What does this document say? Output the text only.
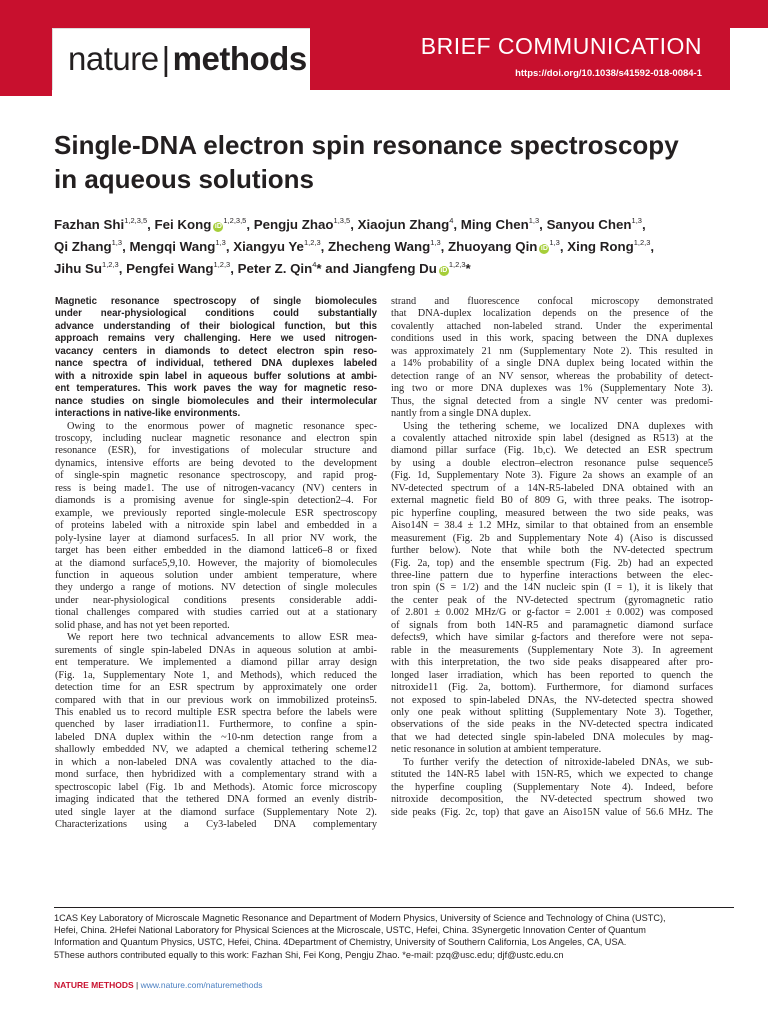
nature|methods	BRIEF COMMUNICATION
https://doi.org/10.1038/s41592-018-0084-1
Single-DNA electron spin resonance spectroscopy
in aqueous solutions
Fazhan Shi$^{1,2,3,5}$, Fei Kong iD$^{1,2,3,5}$, Pengju Zhao$^{1,3,5}$, Xiaojun Zhang$^4$, Ming Chen$^{1,3}$, Sanyou Chen$^{1,3}$,
Qi Zhang$^{1,3}$, Mengqi Wang$^{1,3}$, Xiangyu Ye$^{1,2,3}$, Zhecheng Wang$^{1,3}$, Zhuoyang Qin iD$^{1,3}$, Xing Rong$^{1,2,3}$,
Jihu Su$^{1,2,3}$, Pengfei Wang$^{1,2,3}$, Peter Z. Qin$^4$* and Jiangfeng Du iD$^{1,2,3}$*
Magnetic resonance spectroscopy of single biomolecules
under near-physiological conditions could substantially
advance understanding of their biological function, but this
approach remains very challenging. Here we used nitrogen-
vacancy centers in diamonds to detect electron spin reso-
nance spectra of individual, tethered DNA duplexes labeled
with a nitroxide spin label in aqueous buffer solutions at ambi-
ent temperatures. This work paves the way for magnetic reso-
nance studies on single biomolecules and their intermolecular
interactions in native-like environments.
Owing to the enormous power of magnetic resonance spec-
troscopy, including nuclear magnetic resonance and electron spin
resonance (ESR), for investigations of molecular structure and
dynamics, intensive efforts are being devoted to the development
of single-spin magnetic resonance spectroscopy, and rapid prog-
ress is being made1. The use of nitrogen-vacancy (NV) centers in
diamonds is a promising avenue for single-spin detection2–4. For
example, we previously reported single-molecule ESR spectroscopy
of proteins labeled with a nitroxide spin label and embedded in a
poly-lysine layer at diamond surfaces5. In all prior NV work, the
target has been either embedded in the diamond lattice6–8 or fixed
at the diamond surface5,9,10. However, the majority of biomolecules
function in aqueous solution under ambient temperature, where
they undergo a range of motions. NV detection of single molecules
under near-physiological conditions presents considerable addi-
tional challenges compared with studies carried out at a stationary
solid phase, and has not yet been reported.
We report here two technical advancements to allow ESR mea-
surements of single spin-labeled DNAs in aqueous solution at ambi-
ent temperature. We implemented a diamond pillar array design
(Fig. 1a, Supplementary Note 1, and Methods), which reduced the
detection time for an ESR spectrum by approximately one order
compared with that in our previous work on immobilized proteins5.
This enabled us to record multiple ESR spectra before the labels were
quenched by laser irradiation11. Furthermore, to confine a spin-
labeled DNA duplex within the ~10-nm detection range from a
shallowly embedded NV, we adapted a chemical tethering scheme12
in which a non-labeled DNA was covalently attached to the dia-
mond surface, then hybridized with a complementary strand with a
spectroscopic label (Fig. 1b and Methods). Atomic force microscopy
imaging indicated that the tethered DNA formed an evenly distrib-
uted single layer at the diamond surface (Supplementary Note 2).
Characterizations using a Cy3-labeled DNA complementary
strand and fluorescence confocal microscopy demonstrated
that DNA-duplex localization depends on the presence of the
covalently attached non-labeled strand. Under the experimental
conditions used in this work, spacing between the DNA duplexes
was approximately 21 nm (Supplementary Note 2). This resulted in
a 14% probability of a single DNA duplex being located within the
detection range of an NV sensor, whereas the probability of detect-
ing two or more DNA duplexes was 1% (Supplementary Note 3).
Thus, the signal detected from a single NV center was predomi-
nantly from a single DNA duplex.
Using the tethering scheme, we localized DNA duplexes with
a covalently attached nitroxide spin label (designed as R513) at the
diamond pillar surface (Fig. 1b,c). We detected an ESR spectrum
by using a double electron–electron resonance pulse sequence5
(Fig. 1d, Supplementary Note 3). Figure 2a shows an example of an
NV-detected spectrum of a 14N-R5-labeled DNA obtained with an
external magnetic field B0 of 809 G, with three peaks. The isotrop-
pic hyperfine coupling, measured between the two side peaks, was
Aiso14N = 38.4 ± 1.2 MHz, similar to that obtained from an ensemble
measurement (Fig. 2b and Supplementary Note 4) (Aiso is discussed
further below). Note that while both the NV-detected spectrum
(Fig. 2a, top) and the ensemble spectrum (Fig. 2b) had an expected
three-line pattern due to hyperfine interactions between the elec-
tron spin (S = 1/2) and the 14N nucleic spin (I = 1), it is likely that
the center peak of the NV-detected spectrum (gyromagnetic ratio
of 2.801 ± 0.002 MHz/G or g-factor = 2.001 ± 0.002) was composed
of signals from both 14N-R5 and paramagnetic diamond surface
defects9, which have similar g-factors and therefore were not sepa-
rable in the measurements (Supplementary Note 3). In agreement
with this interpretation, the two side peaks disappeared after pro-
longed laser irradiation, which has been reported to quench the
nitroxide11 (Fig. 2a, bottom). Furthermore, for diamond surfaces
not exposed to spin-labeled DNAs, the NV-detected spectra showed
only one peak without splitting (Supplementary Note 3). Together,
observations of the side peaks in the NV-detected spectra indicated
that we had detected single spin-labeled DNA molecules by mag-
netic resonance in solution at ambient temperature.
To further verify the detection of nitroxide-labeled DNAs, we sub-
stituted the 14N-R5 label with 15N-R5, which we expected to change
the hyperfine coupling (Supplementary Note 4). Indeed, before
nitroxide decomposition, the NV-detected spectrum showed two
side peaks (Fig. 2c, top) that gave an Aiso15N value of 56.6 MHz. The
1CAS Key Laboratory of Microscale Magnetic Resonance and Department of Modern Physics, University of Science and Technology of China (USTC),
Hefei, China. 2Hefei National Laboratory for Physical Sciences at the Microscale, USTC, Hefei, China. 3Synergetic Innovation Center of Quantum
Information and Quantum Physics, USTC, Hefei, China. 4Department of Chemistry, University of Southern California, Los Angeles, CA, USA.
5These authors contributed equally to this work: Fazhan Shi, Fei Kong, Pengju Zhao. *e-mail: pzq@usc.edu; djf@ustc.edu.cn
NATURE METHODS | www.nature.com/naturemethods
